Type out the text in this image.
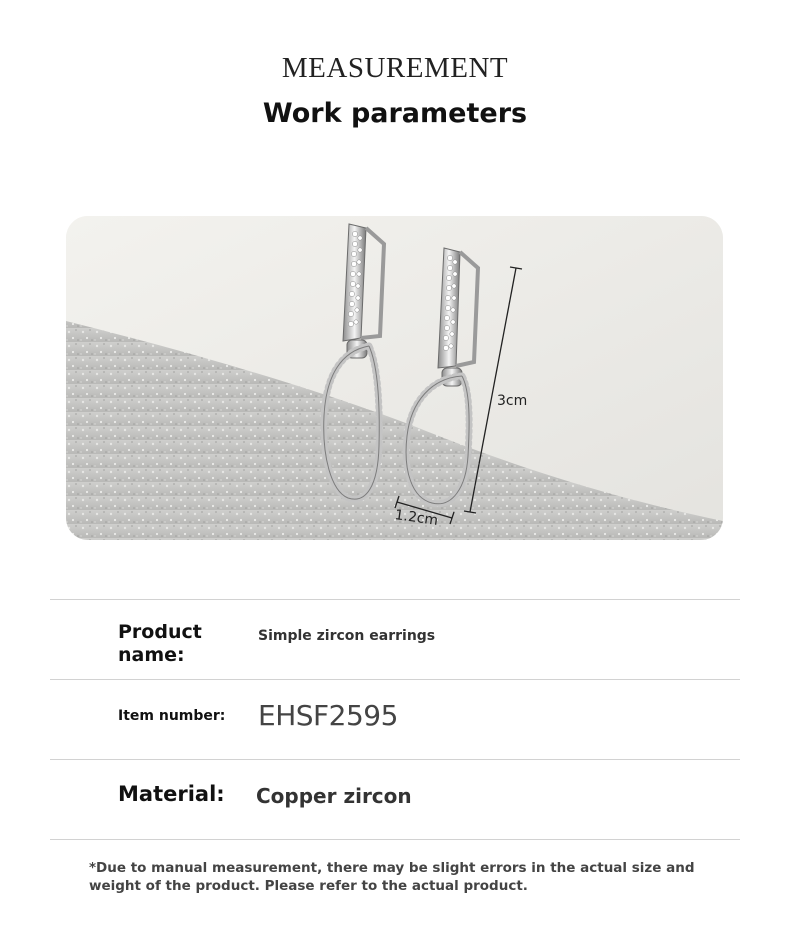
MEASUREMENT
Work parameters
3cm
1.2cm
Product name:
Simple zircon earrings
Item number: EHSF2595
Material: Copper zircon
*Due to manual measurement, there may be slight errors in the actual size and weight of the product. Please refer to the actual product.
